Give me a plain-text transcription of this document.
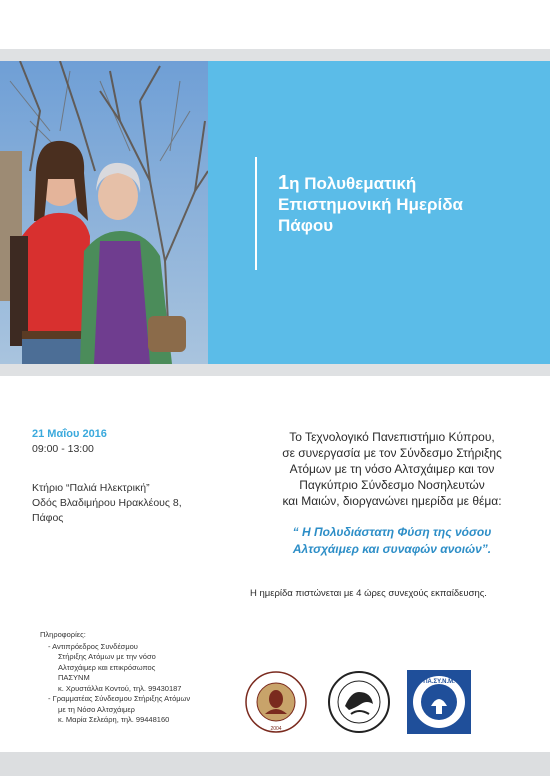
1η Πολυθεματική
Επιστημονική Ημερίδα
Πάφου
21 Μαΐου 2016
09:00 - 13:00
Κτήριο “Παλιά Ηλεκτρική”
Οδός Βλαδιμήρου Ηρακλέους 8,
Πάφος
Το Τεχνολογικό Πανεπιστήμιο Κύπρου,
σε συνεργασία με τον Σύνδεσμο Στήριξης
Ατόμων με τη νόσο Αλτσχάιμερ και τον
Παγκύπριο Σύνδεσμο Νοσηλευτών
και Μαιών, διοργανώνει ημερίδα με θέμα:
“ Η Πολυδιάστατη Φύση της νόσου
Αλτσχάιμερ και συναφών ανοιών”.
Η ημερίδα πιστώνεται με 4 ώρες συνεχούς εκπαίδευσης.
Πληροφορίες:
- Αντιπρόεδρος Συνδέσμου
Στήριξης Ατόμων με την νόσο
Αλτσχάιμερ και επικρόσωπος
ΠΑΣΥΝΜ
κ. Χρυστάλλα Κοντού, τηλ. 99430187
- Γραμματέας Σύνδεσμου Στήριξης Ατόμων
με τη Νόσο Αλτσχάιμερ
κ. Μαρία Σελεάρη, τηλ. 99448160
2004
ΠΑ.ΣΥ.Ν.Μ.
